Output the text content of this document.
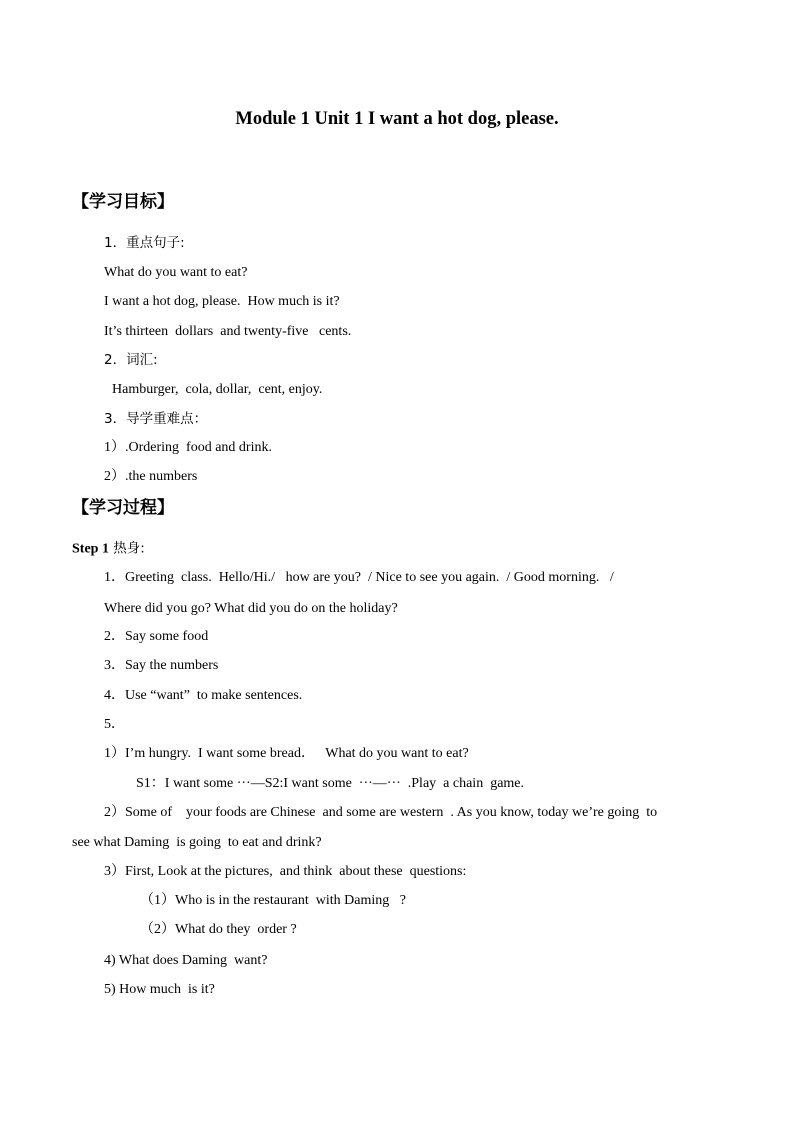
Module 1 Unit 1 I want a hot dog, please.
【学习目标】
1．重点句子:
What do you want to eat?
I want a hot dog, please.  How much is it?
It’s thirteen  dollars  and twenty-five   cents.
2．词汇:
Hamburger,  cola, dollar,  cent, enjoy.
3．导学重难点：
1）.Ordering  food and drink.
2）.the numbers
【学习过程】
Step 1 热身:
1．Greeting  class.  Hello/Hi./   how are you?  / Nice to see you again.  / Good morning.   /
Where did you go? What did you do on the holiday?
2．Say some food
3．Say the numbers
4．Use “want”  to make sentences.
5．
1）I’m hungry.  I want some bread．   What do you want to eat?
S1：I want some ···—S2:I want some  ···—···  .Play  a chain  game.
2）Some of    your foods are Chinese  and some are western  . As you know, today we’re going  to
see what Daming  is going  to eat and drink?
3）First, Look at the pictures,  and think  about these  questions:
（1）Who is in the restaurant  with Daming   ?
（2）What do they  order ?
4) What does Daming  want?
5) How much  is it?
